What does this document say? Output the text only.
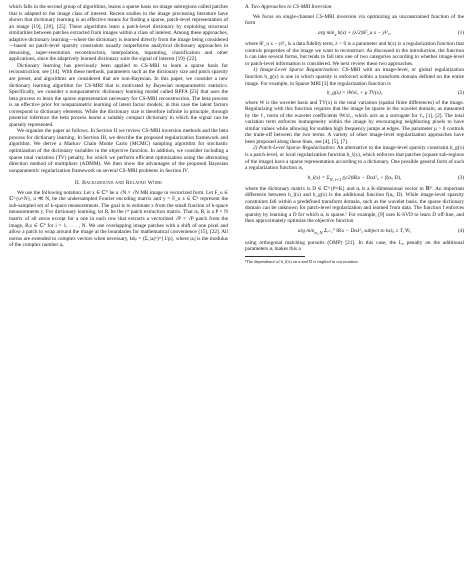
which falls in the second group of algorithms, learns a sparse basis on image subregions called patches that is adapted to the image class of interest. Recent studies in the image processing literature have shown that dictionary learning is an effective means for finding a sparse, patch-level representation of an image [19], [20], [25]. These algorithms learn a patch-level dictionary by exploiting structural similarities between patches extracted from images within a class of interest. Among these approaches, adaptive dictionary learning—where the dictionary is learned directly from the image being considered—based on patch-level sparsity constraints usually outperforms analytical dictionary approaches in denoising, super-resolution reconstruction, interpolation, inpainting, classification and other applications, since the adaptively learned dictionary suits the signal of interest [19]–[22].

Dictionary learning has previously been applied to CS-MRI to learn a sparse basis for reconstruction, see [14]. With these methods, parameters such as the dictionary size and patch sparsity are preset, and algorithms are considered that are non-Bayesian. In this paper, we consider a new dictionary learning algorithm for CS-MRI that is motivated by Bayesian nonparametric statistics. Specifically, we consider a nonparametric dictionary learning model called BPFA [23] that uses the beta process to learn the sparse representation necessary for CS-MRI reconstruction. The beta process is an effective prior for nonparametric learning of latent factor models; in this case the latent factors correspond to dictionary elements. While the dictionary size is therefore infinite in principle, through posterior inference the beta process learns a suitably compact dictionary in which the signal can be sparsely represented.

We organize the paper as follows. In Section II we review CS-MRI inversion methods and the beta process for dictionary learning. In Section III, we describe the proposed regularization framework and algorithm. We derive a Markov Chain Monte Carlo (MCMC) sampling algorithm for stochastic optimization of the dictionary variables in the objective function. In addition, we consider including a sparse total variation (TV) penalty, for which we perform efficient optimization using the alternating direction method of multipliers (ADMM). We then show the advantages of the proposed Bayesian nonparametric regularization framework on several CS-MRI problems in Section IV.

II. Background and Related Work

We use the following notation: Let x ∈ ℂᴺ be a √N × √N MR image in vectorized form. Let F_u ∈ ℂ^{u×N}, u ≪ N, be the undersampled Fourier encoding matrix and y = F_u x ∈ ℂᵘ represent the sub-sampled set of k-space measurements. The goal is to estimate x from the small fraction of k-space measurements y. For dictionary learning, let Rᵢ be the iᵗʰ patch extraction matrix. That is, Rᵢ is a P × N matrix of all zeros except for a one in each row that extracts a vectorized √P × √P patch from the image, Rᵢx ∈ ℂᴾ for i = 1, . . . , N. We use overlapping image patches with a shift of one pixel and allow a patch to wrap around the image at the boundaries for mathematical convenience [15], [22]. All norms are extended to complex vectors when necessary, ‖a‖ₚ = (Σᵢ |aᵢ|ᵖ)^{1/p}, where |aᵢ| is the modulus of the complex number aᵢ.

A. Two Approaches to CS-MRI Inversion

We focus on single-channel CS-MRI inversion via optimizing an unconstrained function of the form

arg $\min_x h(x)$ + (λ/2)‖F_u x − y‖²₂,	(1)

where ‖F_u x − y‖²₂ is a data fidelity term, λ > 0 is a parameter and h(x) is a regularization function that controls properties of the image we want to reconstruct. As discussed in the introduction, the function h can take several forms, but tends to fall into one of two categories according to whether image-level or patch-level information is considered. We next review these two approaches.

1) Image-Level Sparse Regularization: CS-MRI with an image-level, or global regularization function h_g(x) is one in which sparsity is enforced within a transform domain defined on the entire image. For example, in Sparse MRI [3] the regularization function is

h_g(x) = ‖Wx‖₁ + μ TV(x),	(2)

where W is the wavelet basis and TV(x) is the total variation (spatial finite differences) of the image. Regularizing with this function requires that the image be sparse in the wavelet domain, as measured by the ℓ₁ norm of the wavelet coefficients ‖Wx‖₁, which acts as a surrogate for ℓ₀ [1], [2]. The total variation term enforces homogeneity within the image by encouraging neighboring pixels to have similar values while allowing for sudden high frequency jumps at edges. The parameter μ > 0 controls the trade-off between the two terms. A variety of other image-level regularization approaches have been proposed along these lines, see [4], [5], [7].

2) Patch-Level Sparse Regularization: An alternative to the image-level sparsity constraint h_g(x) is a patch-level, or local regularization function h_l(x), which enforces that patches (square sub-regions of the image) have a sparse representation according to a dictionary. One possible general form of such a regularization function is,

h_l(x) = $\Sigma_{N, i=1}$ (γ/2)‖Rᵢx − Dαᵢ‖²₂ + f(αᵢ, D),	(3)

where the dictionary matrix is D ∈ ℂ^{P×K} and αᵢ is a K-dimensional vector in ℝᴷ. An important difference between h_l(x) and h_g(x) is the additional function f(αᵢ, D). While image-level sparsity constraints fall within a predefined transform domain, such as the wavelet basis, the sparse dictionary domain can be unknown for patch-level regularization and learned from data. The function f enforces sparsity by learning a D for which αᵢ is sparse.¹ For example, [9] uses K-SVD to learn D off-line, and then approximately optimize the objective function

arg $\min_{\alpha_1:N}$ Σᵢ₌₁ᴺ ‖Rᵢx − Dαᵢ‖²₂ subject to ‖αᵢ‖₀ ≤ T, ∀i,	(4)

using orthogonal matching pursuits (OMP) [21]. In this case, the L₀ penalty on the additional parameters αᵢ makes this a

¹The dependence of h_l(x) on α and D is implied in our notation.
